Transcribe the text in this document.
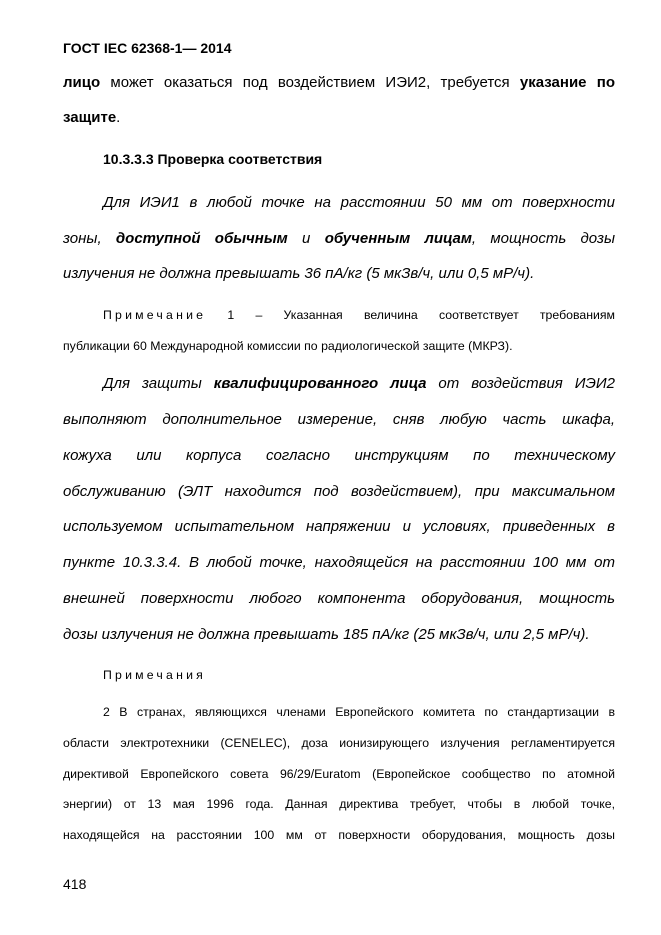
ГОСТ IEC 62368-1— 2014
лицо может оказаться под воздействием ИЭИ2, требуется указание по
защите.
10.3.3.3 Проверка соответствия
Для ИЭИ1 в любой точке на расстоянии 50 мм от поверхности
зоны, доступной обычным и обученным лицам, мощность дозы
излучения не должна превышать 36 пА/кг (5 мкЗв/ч, или 0,5 мР/ч).
Примечание 1 – Указанная величина соответствует требованиям
публикации 60 Международной комиссии по радиологической защите (МКРЗ).
Для защиты квалифицированного лица от воздействия ИЭИ2
выполняют дополнительное измерение, сняв любую часть шкафа,
кожуха или корпуса согласно инструкциям по техническому
обслуживанию (ЭЛТ находится под воздействием), при максимальном
используемом испытательном напряжении и условиях, приведенных в
пункте 10.3.3.4. В любой точке, находящейся на расстоянии 100 мм от
внешней поверхности любого компонента оборудования, мощность
дозы излучения не должна превышать 185 пА/кг (25 мкЗв/ч, или 2,5 мР/ч).
Примечания
2 В странах, являющихся членами Европейского комитета по стандартизации в
области электротехники (CENELEC), доза ионизирующего излучения регламентируется
директивой Европейского совета 96/29/Euratom (Европейское сообщество по атомной
энергии) от 13 мая 1996 года. Данная директива требует, чтобы в любой точке,
находящейся на расстоянии 100 мм от поверхности оборудования, мощность дозы
418
